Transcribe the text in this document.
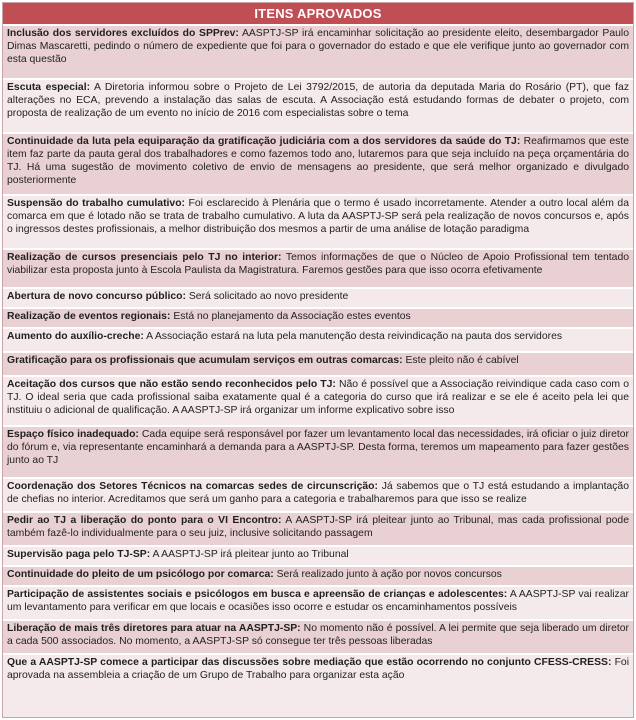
ITENS APROVADOS
Inclusão dos servidores excluídos do SPPrev: AASPTJ-SP irá encaminhar solicitação ao presidente eleito, desembargador Paulo Dimas Mascaretti, pedindo o número de expediente que foi para o governador do estado e que ele verifique junto ao governador com esta questão
Escuta especial: A Diretoria informou sobre o Projeto de Lei 3792/2015, de autoria da deputada Maria do Rosário (PT), que faz alterações no ECA, prevendo a instalação das salas de escuta. A Associação está estudando formas de debater o projeto, com proposta de realização de um evento no início de 2016 com especialistas sobre o tema
Continuidade da luta pela equiparação da gratificação judiciária com a dos servidores da saúde do TJ: Reafirmamos que este item faz parte da pauta geral dos trabalhadores e como fazemos todo ano, lutaremos para que seja incluído na peça orçamentária do TJ. Há uma sugestão de movimento coletivo de envio de mensagens ao presidente, que será melhor organizado e divulgado posteriormente
Suspensão do trabalho cumulativo: Foi esclarecido à Plenária que o termo é usado incorretamente. Atender a outro local além da comarca em que é lotado não se trata de trabalho cumulativo. A luta da AASPTJ-SP será pela realização de novos concursos e, após o ingressos destes profissionais, a melhor distribuição dos mesmos a partir de uma análise de lotação paradigma
Realização de cursos presenciais pelo TJ no interior: Temos informações de que o Núcleo de Apoio Profissional tem tentado viabilizar esta proposta junto à Escola Paulista da Magistratura. Faremos gestões para que isso ocorra efetivamente
Abertura de novo concurso público: Será solicitado ao novo presidente
Realização de eventos regionais: Está no planejamento da Associação estes eventos
Aumento do auxílio-creche: A Associação estará na luta pela manutenção desta reivindicação na pauta dos servidores
Gratificação para os profissionais que acumulam serviços em outras comarcas: Este pleito não é cabível
Aceitação dos cursos que não estão sendo reconhecidos pelo TJ: Não é possível que a Associação reivindique cada caso com o TJ. O ideal seria que cada profissional saiba exatamente qual é a categoria do curso que irá realizar e se ele é aceito pela lei que instituiu o adicional de qualificação. A AASPTJ-SP irá organizar um informe explicativo sobre isso
Espaço físico inadequado: Cada equipe será responsável por fazer um levantamento local das necessidades, irá oficiar o juiz diretor do fórum e, via representante encaminhará a demanda para a AASPTJ-SP. Desta forma, teremos um mapeamento para fazer gestões junto ao TJ
Coordenação dos Setores Técnicos na comarcas sedes de circunscrição: Já sabemos que o TJ está estudando a implantação de chefias no interior. Acreditamos que será um ganho para a categoria e trabalharemos para que isso se realize
Pedir ao TJ a liberação do ponto para o VI Encontro: A AASPTJ-SP irá pleitear junto ao Tribunal, mas cada profissional pode também fazê-lo individualmente para o seu juiz, inclusive solicitando passagem
Supervisão paga pelo TJ-SP: A AASPTJ-SP irá pleitear junto ao Tribunal
Continuidade do pleito de um psicólogo por comarca: Será realizado junto à ação por novos concursos
Participação de assistentes sociais e psicólogos em busca e apreensão de crianças e adolescentes: A AASPTJ-SP vai realizar um levantamento para verificar em que locais e ocasiões isso ocorre e estudar os encaminhamentos possíveis
Liberação de mais três diretores para atuar na AASPTJ-SP: No momento não é possível. A lei permite que seja liberado um diretor a cada 500 associados. No momento, a AASPTJ-SP só consegue ter três pessoas liberadas
Que a AASPTJ-SP comece a participar das discussões sobre mediação que estão ocorrendo no conjunto CFESS-CRESS: Foi aprovada na assembleia a criação de um Grupo de Trabalho para organizar esta ação
